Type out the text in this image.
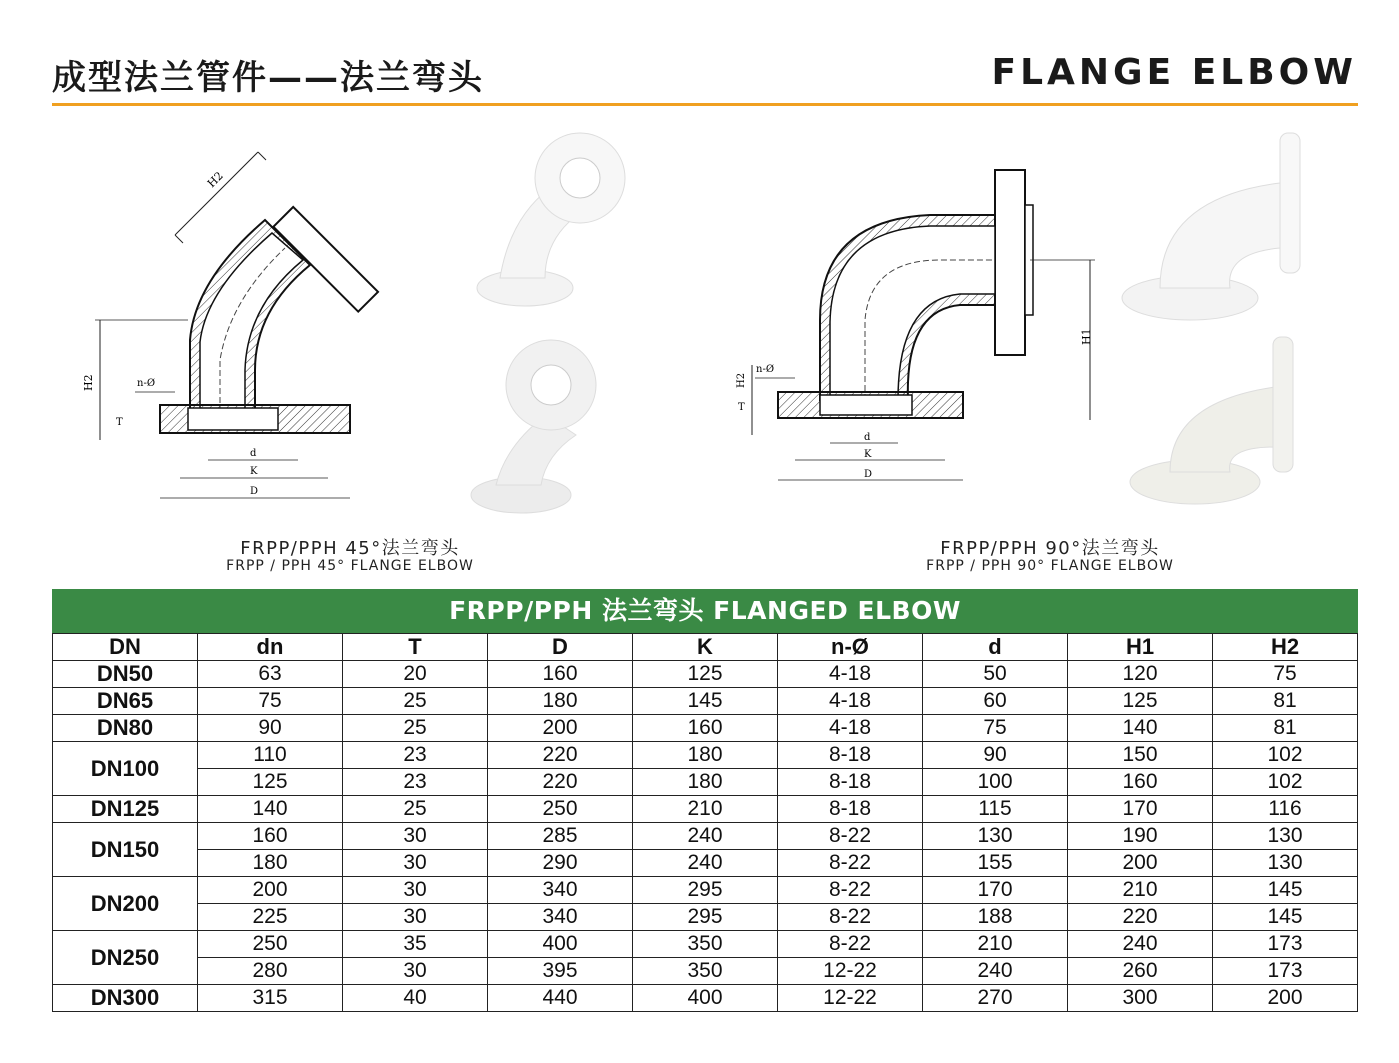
成型法兰管件——法兰弯头	FLANGE ELBOW
H2
H2	n-Ø
T
d
K
D
FRPP/PPH 45°法兰弯头
FRPP / PPH 45° FLANGE ELBOW
H1
H2
n-Ø
T
d
K
D
FRPP/PPH 90°法兰弯头
FRPP / PPH 90° FLANGE ELBOW
FRPP/PPH 法兰弯头 FLANGED ELBOW
DN	dn	T	D	K	n-Ø	d	H1	H2
DN50	63	20	160	125	4-18	50	120	75
DN65	75	25	180	145	4-18	60	125	81
DN80	90	25	200	160	4-18	75	140	81
DN100	110	23	220	180	8-18	90	150	102
	125	23	220	180	8-18	100	160	102
DN125	140	25	250	210	8-18	115	170	116
DN150	160	30	285	240	8-22	130	190	130
	180	30	290	240	8-22	155	200	130
DN200	200	30	340	295	8-22	170	210	145
	225	30	340	295	8-22	188	220	145
DN250	250	35	400	350	8-22	210	240	173
	280	30	395	350	12-22	240	260	173
DN300	315	40	440	400	12-22	270	300	200
